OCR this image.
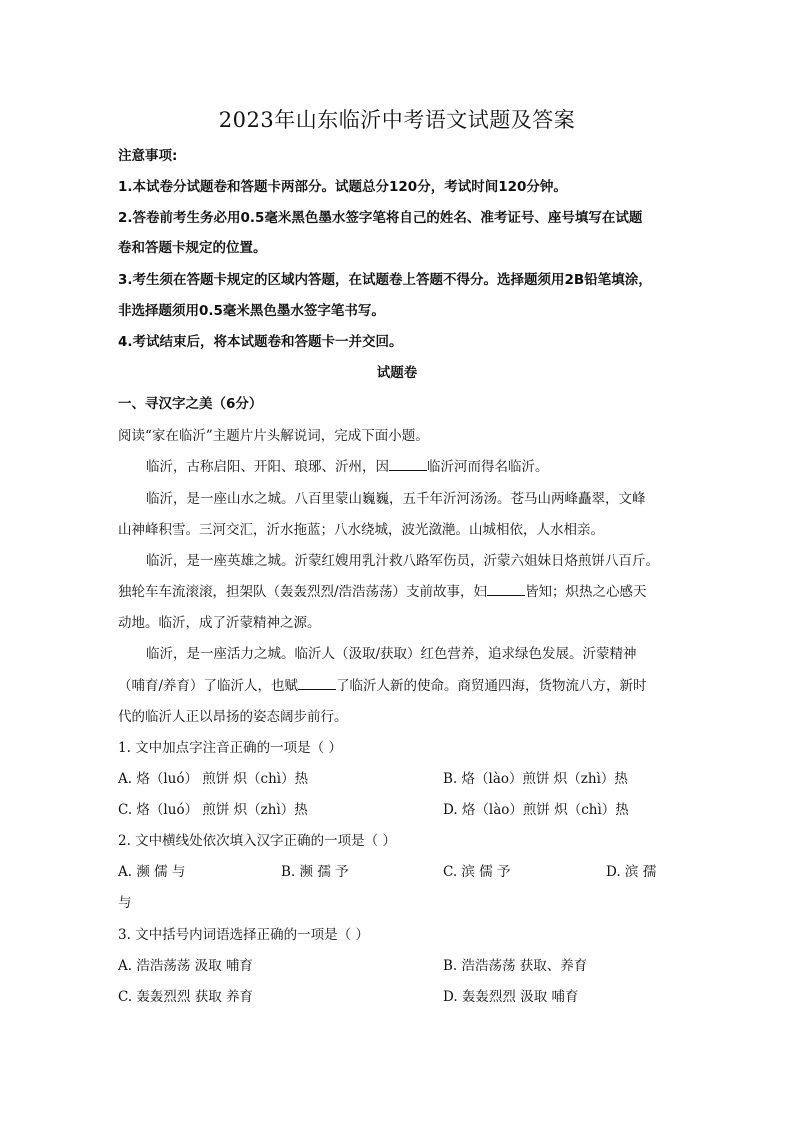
2023年山东临沂中考语文试题及答案
注意事项:
1.本试卷分试题卷和答题卡两部分。试题总分120分，考试时间120分钟。
2.答卷前考生务必用0.5毫米黑色墨水签字笔将自己的姓名、准考证号、座号填写在试题
卷和答题卡规定的位置。
3.考生须在答题卡规定的区域内答题，在试题卷上答题不得分。选择题须用2B铅笔填涂，
非选择题须用0.5毫米黑色墨水签字笔书写。
4.考试结束后，将本试题卷和答题卡一并交回。
试题卷
一、寻汉字之美（6分）
阅读“家在临沂”主题片片头解说词，完成下面小题。
临沂，古称启阳、开阳、琅琊、沂州，因	临沂河而得名临沂。
临沂，是一座山水之城。八百里蒙山巍巍，五千年沂河汤汤。苍马山两峰矗翠，文峰
山神峰积雪。三河交汇，沂水拖蓝；八水绕城，波光潋滟。山城相依，人水相亲。
临沂，是一座英雄之城。沂蒙红嫂用乳汁救八路军伤员，沂蒙六姐妹日烙煎饼八百斤。
独轮车车流滚滚，担架队（轰轰烈烈/浩浩荡荡）支前故事，妇	皆知；炽热之心感天
动地。临沂，成了沂蒙精神之源。
临沂，是一座活力之城。临沂人（汲取/获取）红色营养，追求绿色发展。沂蒙精神
（哺育/养育）了临沂人，也赋	了临沂人新的使命。商贸通四海，货物流八方，新时
代的临沂人正以昂扬的姿态阔步前行。
1. 文中加点字注音正确的一项是（ ）
A. 烙（luó） 煎饼 炽（chì）热	B. 烙（lào）煎饼 炽（zhì）热
C. 烙（luó） 煎饼 炽（zhì）热	D. 烙（lào）煎饼 炽（chì）热
2. 文中横线处依次填入汉字正确的一项是（ ）
A. 濒 儒 与	B. 濒 孺 予	C. 滨 儒 予	D. 滨 孺
与
3. 文中括号内词语选择正确的一项是（ ）
A. 浩浩荡荡 汲取 哺育	B. 浩浩荡荡 获取、养育
C. 轰轰烈烈 获取 养育	D. 轰轰烈烈 汲取 哺育
